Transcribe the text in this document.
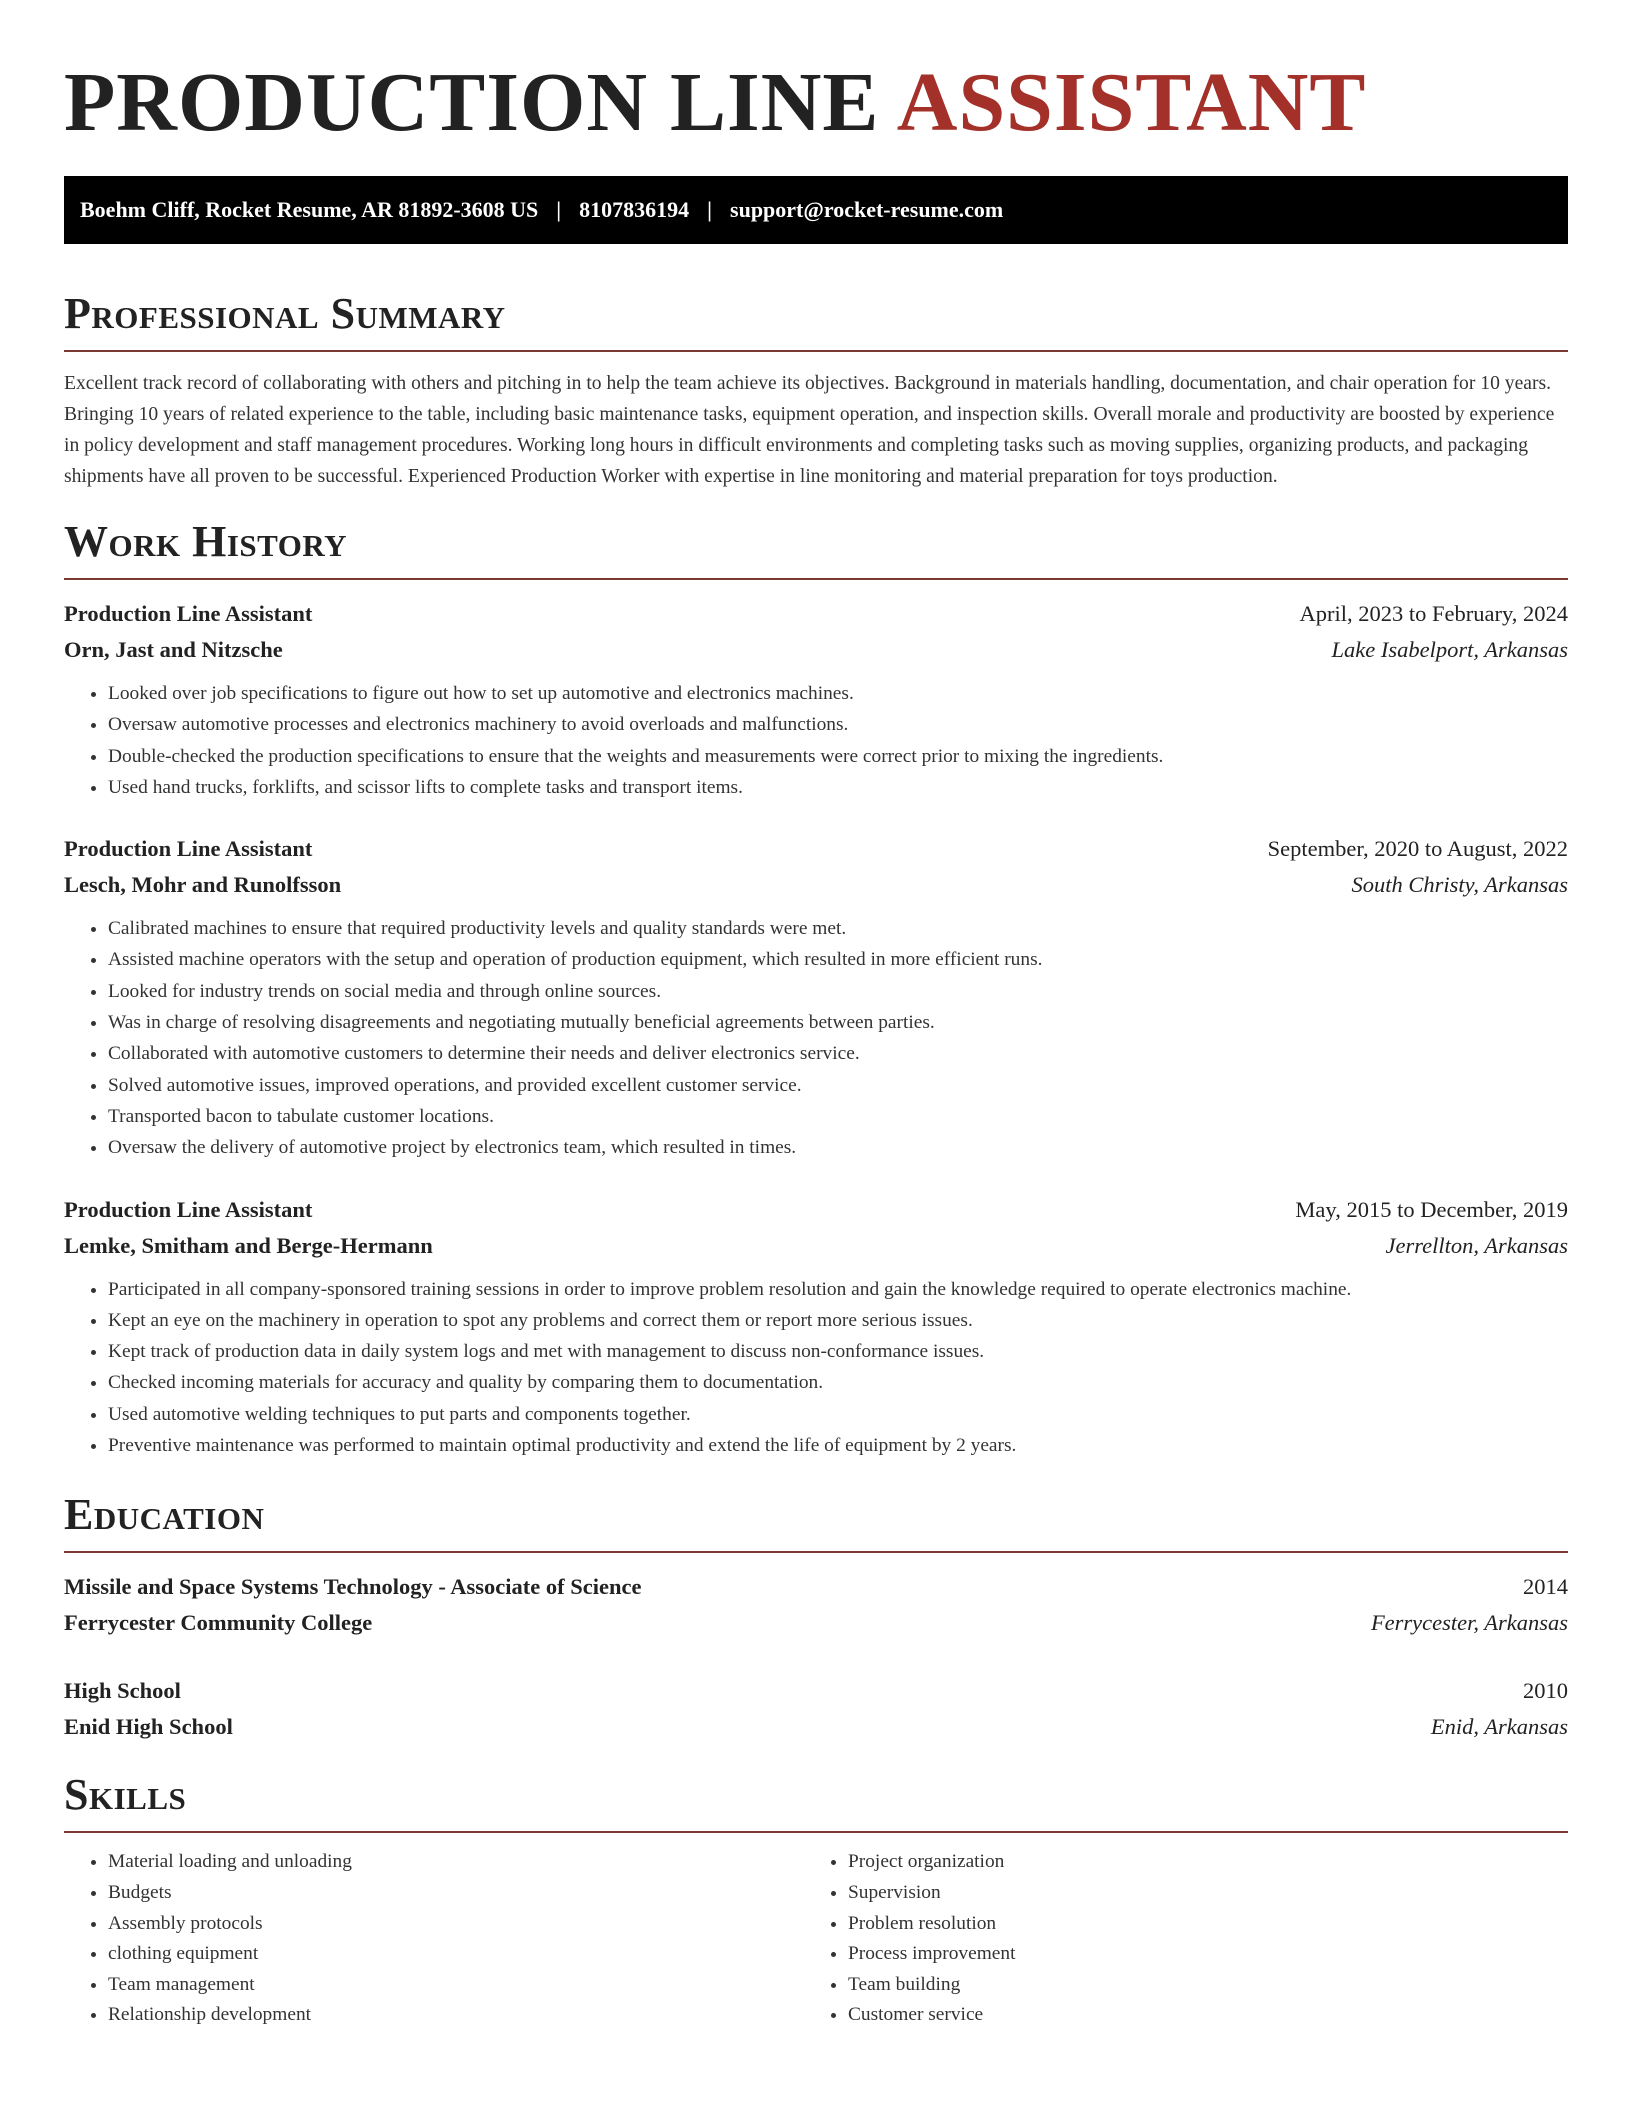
PRODUCTION LINE ASSISTANT
Boehm Cliff, Rocket Resume, AR 81892-3608 US | 8107836194 | support@rocket-resume.com
Professional Summary

Excellent track record of collaborating with others and pitching in to help the team achieve its objectives. Background in materials handling, documentation, and chair operation for 10 years. Bringing 10 years of related experience to the table, including basic maintenance tasks, equipment operation, and inspection skills. Overall morale and productivity are boosted by experience in policy development and staff management procedures. Working long hours in difficult environments and completing tasks such as moving supplies, organizing products, and packaging shipments have all proven to be successful. Experienced Production Worker with expertise in line monitoring and material preparation for toys production.

Work History
Production Line Assistant	April, 2023 to February, 2024
Orn, Jast and Nitzsche	Lake Isabelport, Arkansas
• Looked over job specifications to figure out how to set up automotive and electronics machines.
• Oversaw automotive processes and electronics machinery to avoid overloads and malfunctions.
• Double-checked the production specifications to ensure that the weights and measurements were correct prior to mixing the ingredients.
• Used hand trucks, forklifts, and scissor lifts to complete tasks and transport items.
Production Line Assistant	September, 2020 to August, 2022
Lesch, Mohr and Runolfsson	South Christy, Arkansas
• Calibrated machines to ensure that required productivity levels and quality standards were met.
• Assisted machine operators with the setup and operation of production equipment, which resulted in more efficient runs.
• Looked for industry trends on social media and through online sources.
• Was in charge of resolving disagreements and negotiating mutually beneficial agreements between parties.
• Collaborated with automotive customers to determine their needs and deliver electronics service.
• Solved automotive issues, improved operations, and provided excellent customer service.
• Transported bacon to tabulate customer locations.
• Oversaw the delivery of automotive project by electronics team, which resulted in times.
Production Line Assistant	May, 2015 to December, 2019
Lemke, Smitham and Berge-Hermann	Jerrellton, Arkansas
• Participated in all company-sponsored training sessions in order to improve problem resolution and gain the knowledge required to operate electronics machine.
• Kept an eye on the machinery in operation to spot any problems and correct them or report more serious issues.
• Kept track of production data in daily system logs and met with management to discuss non-conformance issues.
• Checked incoming materials for accuracy and quality by comparing them to documentation.
• Used automotive welding techniques to put parts and components together.
• Preventive maintenance was performed to maintain optimal productivity and extend the life of equipment by 2 years.
Education
Missile and Space Systems Technology - Associate of Science	2014
Ferrycester Community College	Ferrycester, Arkansas
High School	2010
Enid High School	Enid, Arkansas
Skills
• Material loading and unloading
• Budgets
• Assembly protocols
• clothing equipment
• Team management
• Relationship development
• Project organization
• Supervision
• Problem resolution
• Process improvement
• Team building
• Customer service
